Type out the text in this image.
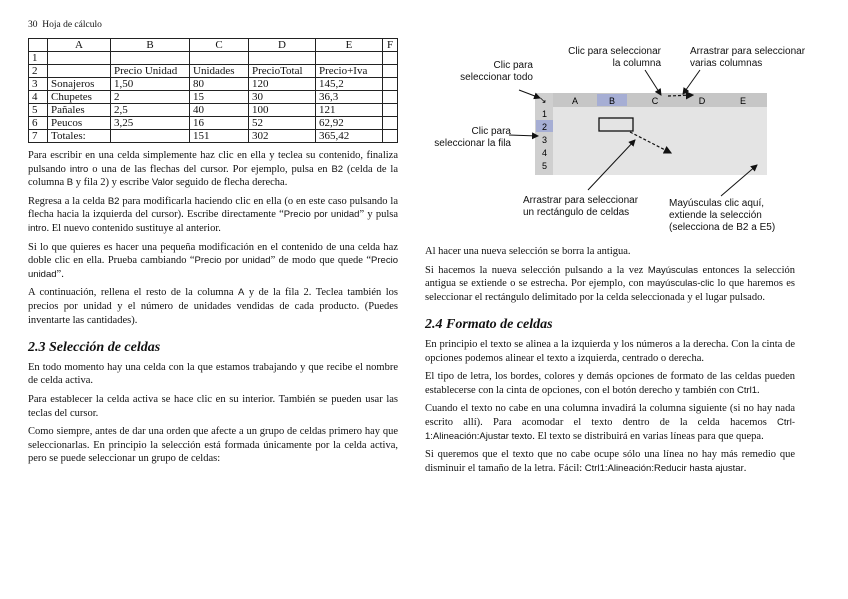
30 Hoja de cálculo
	A	B	C	D	E	F
1						
2		Precio Unidad	Unidades	PrecioTotal	Precio+Iva	
3	Sonajeros	1,50	80	120	145,2	
4	Chupetes	2	15	30	36,3	
5	Pañales	2,5	40	100	121	
6	Peucos	3,25	16	52	62,92	
7	Totales:		151	302	365,42	

Para escribir en una celda simplemente haz clic en ella y teclea su contenido, finaliza pulsando intro o una de las flechas del cursor. Por ejemplo, pulsa en B2 (celda de la columna B y fila 2) y escribe Valor seguido de flecha derecha.

Regresa a la celda B2 para modificarla haciendo clic en ella (o en este caso pulsando la flecha hacia la izquierda del cursor). Escribe directamente “Precio por unidad” y pulsa intro. El nuevo contenido sustituye al anterior.

Si lo que quieres es hacer una pequeña modificación en el contenido de una celda haz doble clic en ella. Prueba cambiando “Precio por unidad” de modo que quede “Precio unidad”.

A continuación, rellena el resto de la columna A y de la fila 2. Teclea también los precios por unidad y el número de unidades vendidas de cada producto. (Puedes inventarte las cantidades).

2.3 Selección de celdas

En todo momento hay una celda con la que estamos trabajando y que recibe el nombre de celda activa.

Para establecer la celda activa se hace clic en su interior. También se pueden usar las teclas del cursor.

Como siempre, antes de dar una orden que afecte a un grupo de celdas primero hay que seleccionarlas. En principio la selección está formada únicamente por la celda activa, pero se puede seleccionar un grupo de celdas:

↘	A	B	C	D	E
1
2
3
4
5
Clic para
seleccionar todo
Clic para seleccionar
la columna
Arrastrar para seleccionar
varias columnas
Clic para
seleccionar la fila
Arrastrar para seleccionar
un rectángulo de celdas
Mayúsculas clic aquí,
extiende la selección
(selecciona de B2 a E5)

Al hacer una nueva selección se borra la antigua.

Si hacemos la nueva selección pulsando a la vez Mayúsculas entonces la selección antigua se extiende o se estrecha. Por ejemplo, con mayúsculas-clic lo que haremos es seleccionar el rectángulo delimitado por la celda seleccionada y el lugar pulsado.

2.4 Formato de celdas

En principio el texto se alinea a la izquierda y los números a la derecha. Con la cinta de opciones podemos alinear el texto a izquierda, centrado o derecha.

El tipo de letra, los bordes, colores y demás opciones de formato de las celdas pueden establecerse con la cinta de opciones, con el botón derecho y también con Ctrl1.

Cuando el texto no cabe en una columna invadirá la columna siguiente (si no hay nada escrito allí). Para acomodar el texto dentro de la celda hacemos Ctrl-1:Alineación:Ajustar texto. El texto se distribuirá en varias líneas para que quepa.

Si queremos que el texto que no cabe ocupe sólo una línea no hay más remedio que disminuir el tamaño de la letra. Fácil: Ctrl1:Alineación:Reducir hasta ajustar.
